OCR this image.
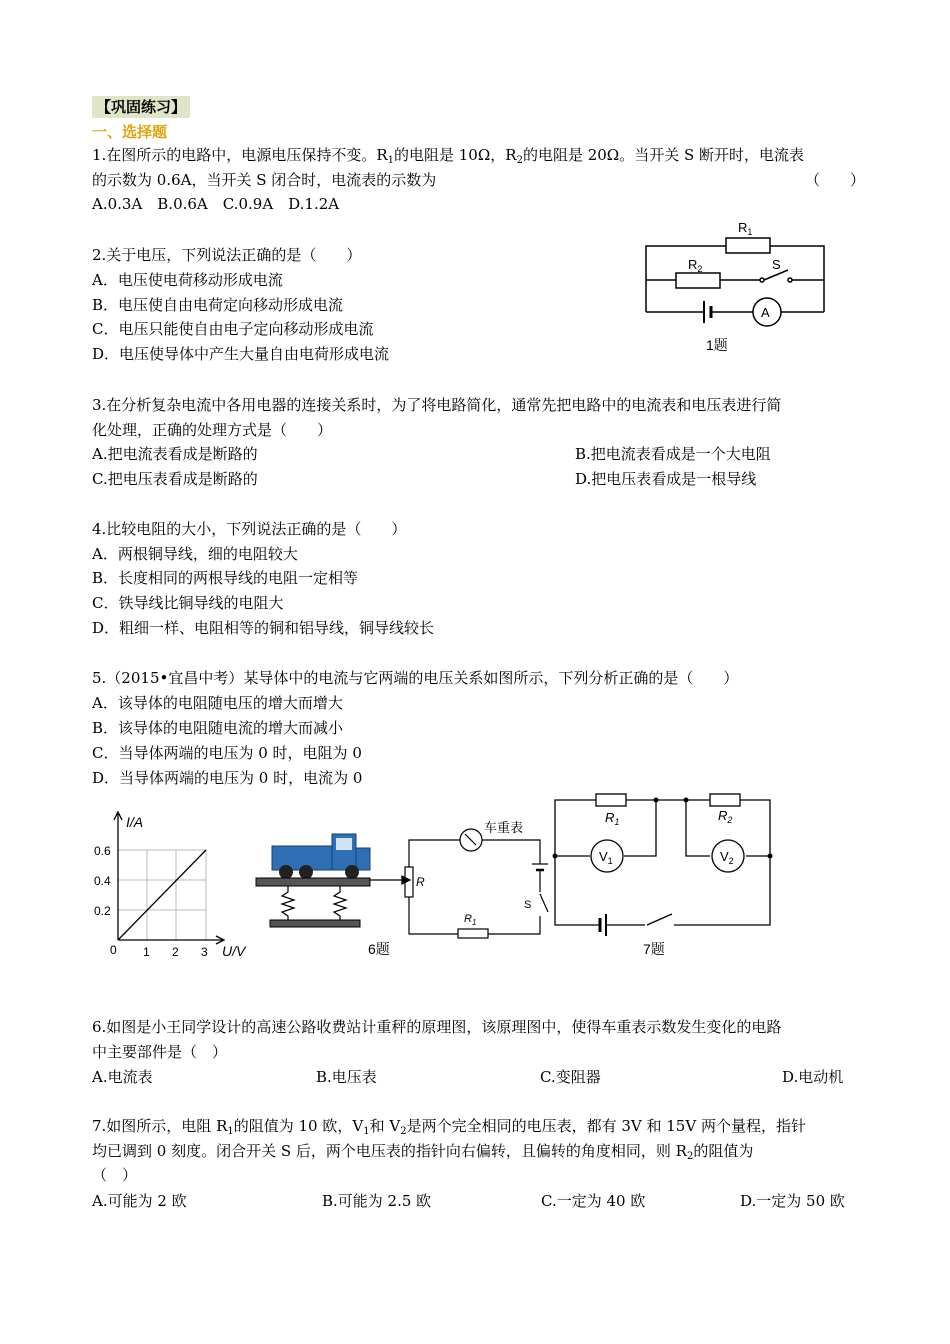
【巩固练习】
一、选择题
1.在图所示的电路中，电源电压保持不变。$R_1$的电阻是 10Ω，$R_2$的电阻是 20Ω。当开关 S 断开时，电流表
的示数为 0.6A，当开关 S 闭合时，电流表的示数为	（　　）
A.0.3A　B.0.6A　C.0.9A　D.1.2A
$R_1$
$R_2$	S
A
1题
2.关于电压，下列说法正确的是（　　）
A．电压使电荷移动形成电流
B．电压使自由电荷定向移动形成电流
C．电压只能使自由电子定向移动形成电流
D．电压使导体中产生大量自由电荷形成电流
3.在分析复杂电流中各用电器的连接关系时，为了将电路简化，通常先把电路中的电流表和电压表进行简
化处理，正确的处理方式是（　　）
A.把电流表看成是断路的	B.把电流表看成是一个大电阻
C.把电压表看成是断路的	D.把电压表看成是一根导线
4.比较电阻的大小，下列说法正确的是（　　）
A．两根铜导线，细的电阻较大
B．长度相同的两根导线的电阻一定相等
C．铁导线比铜导线的电阻大
D．粗细一样、电阻相等的铜和铝导线，铜导线较长
5.（2015•宜昌中考）某导体中的电流与它两端的电压关系如图所示，下列分析正确的是（　　）
A．该导体的电阻随电压的增大而增大
B．该导体的电阻随电流的增大而减小
C．当导体两端的电压为 0 时，电阻为 0
D．当导体两端的电压为 0 时，电流为 0
I/A
0.2
0.4
0.6
0 1 2 3 U/V
车重表
R
$R_1$
S
6题
$R_1$	$R_2$
$V_1$	$V_2$
7题
6.如图是小王同学设计的高速公路收费站计重秤的原理图，该原理图中，使得车重表示数发生变化的电路
中主要部件是（　）
A.电流表	B.电压表	C.变阻器	D.电动机
7.如图所示，电阻 $R_1$的阻值为 10 欧，$V_1$和 $V_2$是两个完全相同的电压表，都有 3V 和 15V 两个量程，指针
均已调到 0 刻度。闭合开关 S 后，两个电压表的指针向右偏转，且偏转的角度相同，则 $R_2$的阻值为
（　）
A.可能为 2 欧	B.可能为 2.5 欧	C.一定为 40 欧	D.一定为 50 欧
